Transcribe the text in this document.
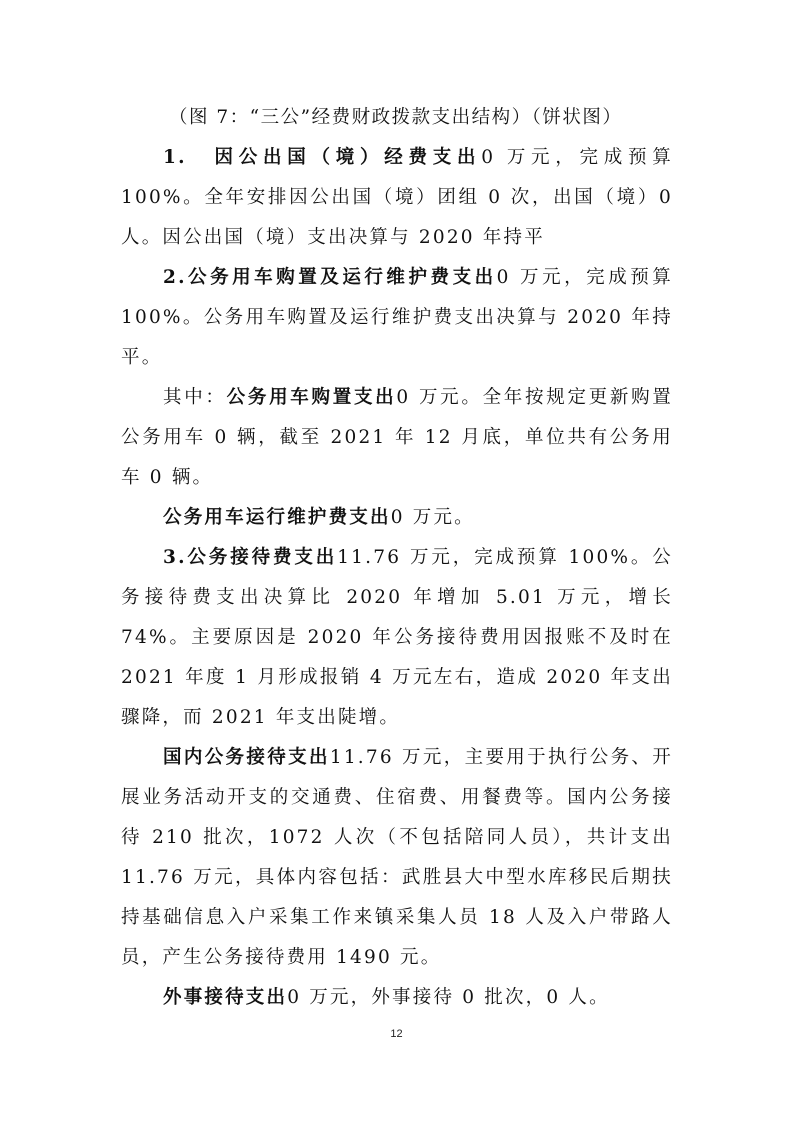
（图 7：“三公”经费财政拨款支出结构）（饼状图）

1.　因公出国（境）经费支出0 万元，完成预算 100%。全年安排因公出国（境）团组 0 次，出国（境）0 人。因公出国（境）支出决算与 2020 年持平

2.公务用车购置及运行维护费支出0 万元，完成预算100%。公务用车购置及运行维护费支出决算与 2020 年持平。

其中：公务用车购置支出0 万元。全年按规定更新购置公务用车 0 辆，截至 2021 年 12 月底，单位共有公务用车 0 辆。

公务用车运行维护费支出0 万元。

3.公务接待费支出11.76 万元，完成预算 100%。公务接待费支出决算比 2020 年增加 5.01 万元，增长 74%。主要原因是 2020 年公务接待费用因报账不及时在 2021 年度 1 月形成报销 4 万元左右，造成 2020 年支出骤降，而 2021 年支出陡增。

国内公务接待支出11.76 万元，主要用于执行公务、开展业务活动开支的交通费、住宿费、用餐费等。国内公务接待 210 批次，1072 人次（不包括陪同人员），共计支出 11.76 万元，具体内容包括：武胜县大中型水库移民后期扶持基础信息入户采集工作来镇采集人员 18 人及入户带路人员，产生公务接待费用 1490 元。

外事接待支出0 万元，外事接待 0 批次，0 人。

12
